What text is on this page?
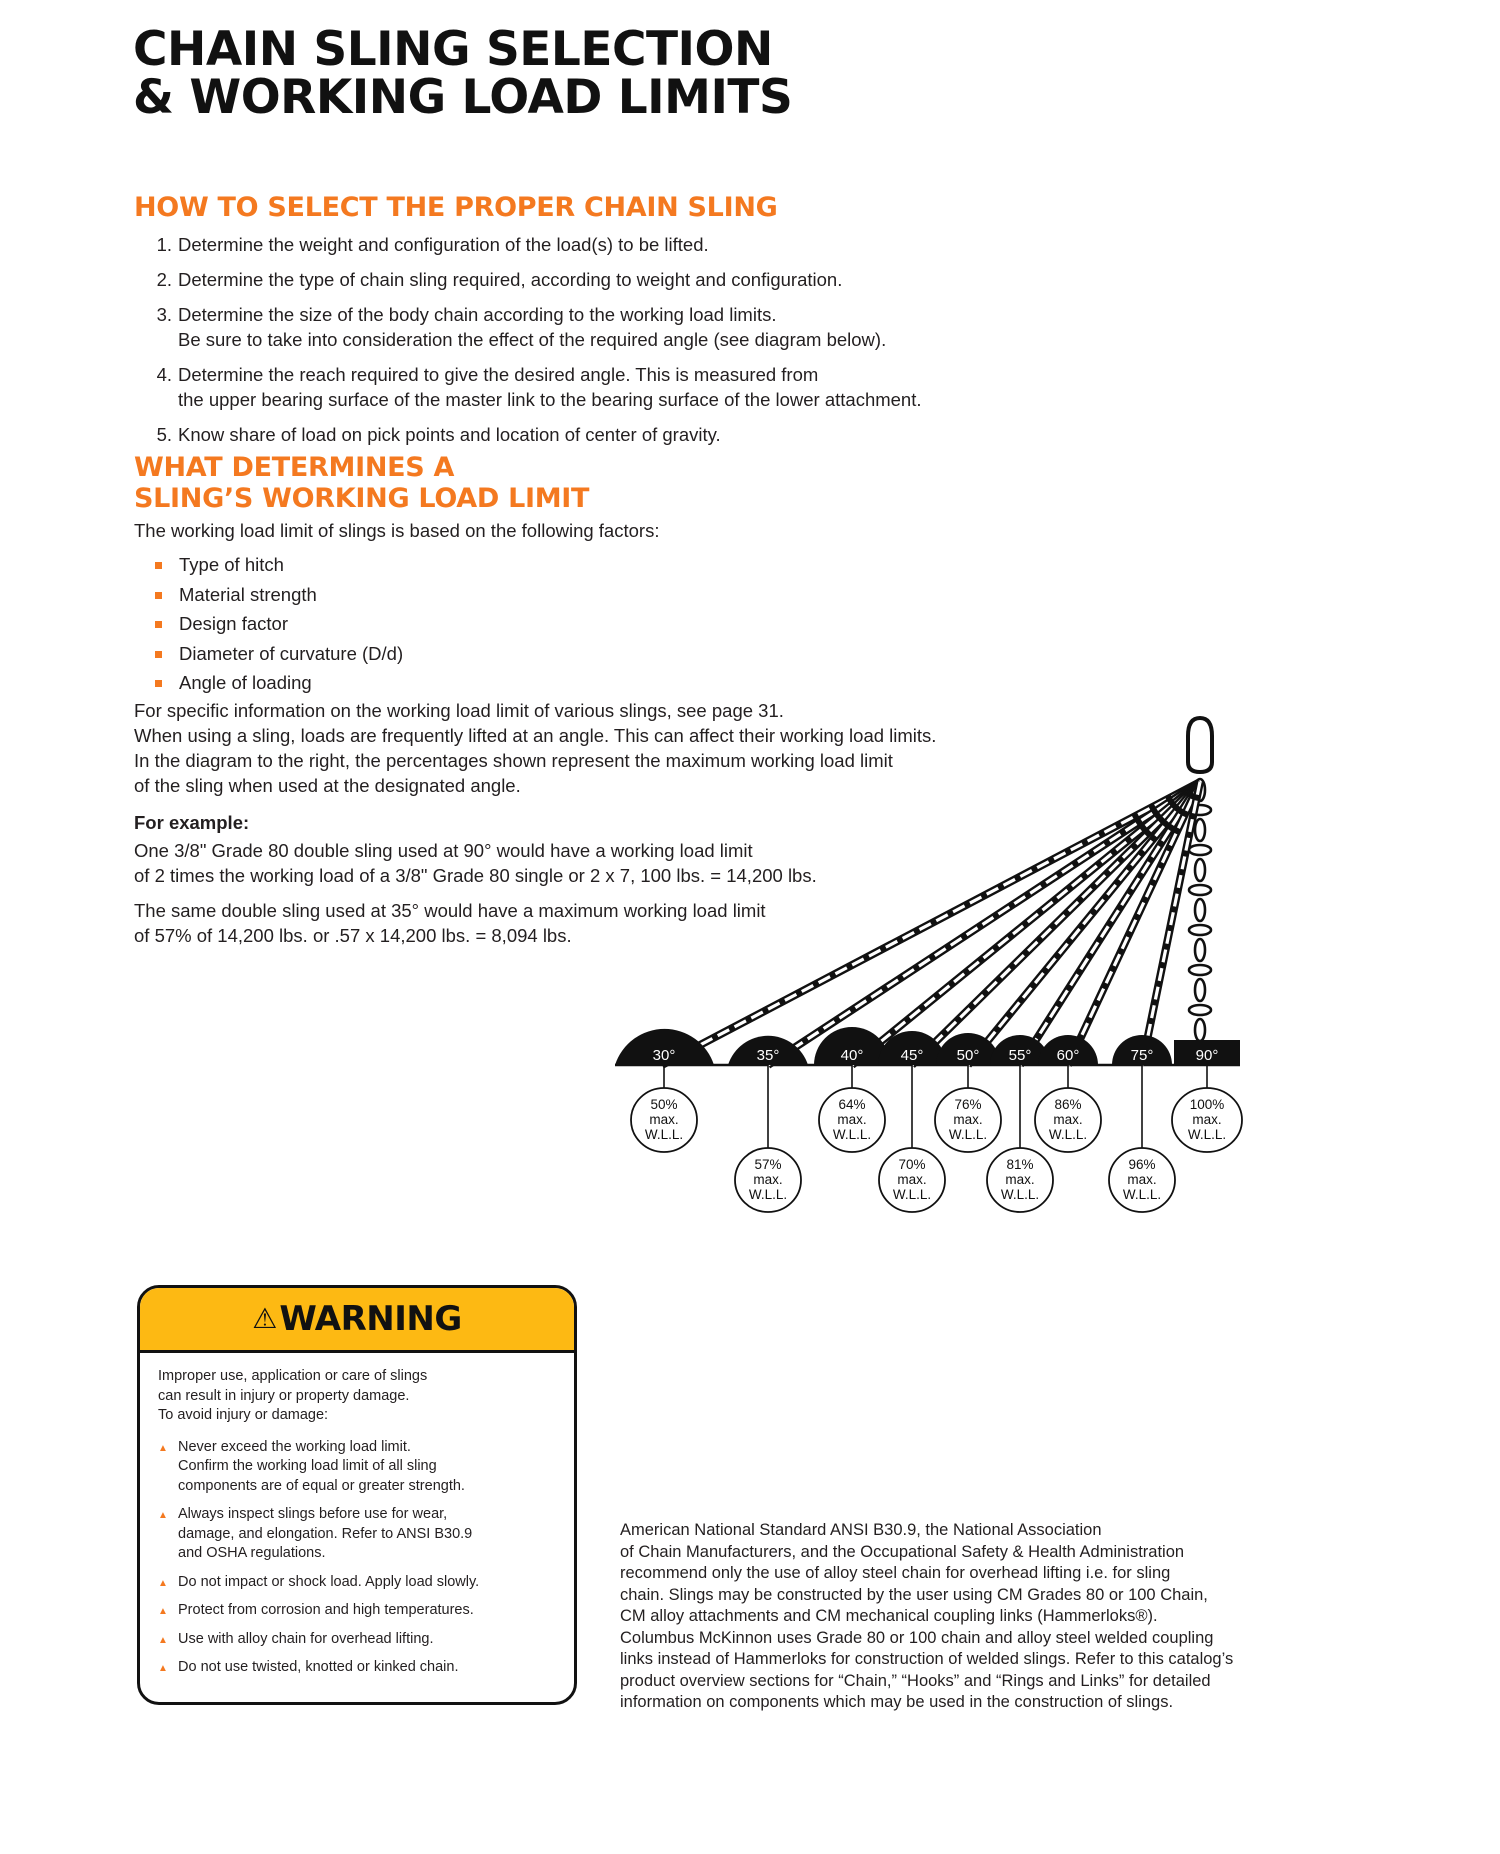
CHAIN SLING SELECTION
& WORKING LOAD LIMITS
HOW TO SELECT THE PROPER CHAIN SLING
1. Determine the weight and configuration of the load(s) to be lifted.
2. Determine the type of chain sling required, according to weight and configuration.
3. Determine the size of the body chain according to the working load limits.
Be sure to take into consideration the effect of the required angle (see diagram below).
4. Determine the reach required to give the desired angle. This is measured from
the upper bearing surface of the master link to the bearing surface of the lower attachment.
5. Know share of load on pick points and location of center of gravity.
WHAT DETERMINES A
SLING’S WORKING LOAD LIMIT
The working load limit of slings is based on the following factors:
Type of hitch
Material strength
Design factor
Diameter of curvature (D/d)
Angle of loading
For specific information on the working load limit of various slings, see page 31.
When using a sling, loads are frequently lifted at an angle. This can affect their working load limits.
In the diagram to the right, the percentages shown represent the maximum working load limit
of the sling when used at the designated angle.
For example:
One 3/8" Grade 80 double sling used at 90° would have a working load limit
of 2 times the working load of a 3/8" Grade 80 single or 2 x 7, 100 lbs. = 14,200 lbs.
The same double sling used at 35° would have a maximum working load limit
of 57% of 14,200 lbs. or .57 x 14,200 lbs. = 8,094 lbs.
30°	35°	40° 45° 50° 55° 60°	75°	90°
50%
max.
W.L.L.
64%
max.
W.L.L.
76%
max.
W.L.L.
86%
max.
W.L.L.
100%
max.
W.L.L.
57%
max.
W.L.L.
70%
max.
W.L.L.
81%
max.
W.L.L.
96%
max.
W.L.L.
⚠ WARNING
Improper use, application or care of slings
can result in injury or property damage.
To avoid injury or damage:
▲ Never exceed the working load limit.
Confirm the working load limit of all sling
components are of equal or greater strength.
▲ Always inspect slings before use for wear,
damage, and elongation. Refer to ANSI B30.9
and OSHA regulations.
▲ Do not impact or shock load. Apply load slowly.
▲ Protect from corrosion and high temperatures.
▲ Use with alloy chain for overhead lifting.
▲ Do not use twisted, knotted or kinked chain.
American National Standard ANSI B30.9, the National Association
of Chain Manufacturers, and the Occupational Safety & Health Administration
recommend only the use of alloy steel chain for overhead lifting i.e. for sling
chain. Slings may be constructed by the user using CM Grades 80 or 100 Chain,
CM alloy attachments and CM mechanical coupling links (Hammerloks®).
Columbus McKinnon uses Grade 80 or 100 chain and alloy steel welded coupling
links instead of Hammerloks for construction of welded slings. Refer to this catalog’s
product overview sections for “Chain,” “Hooks” and “Rings and Links” for detailed
information on components which may be used in the construction of slings.
